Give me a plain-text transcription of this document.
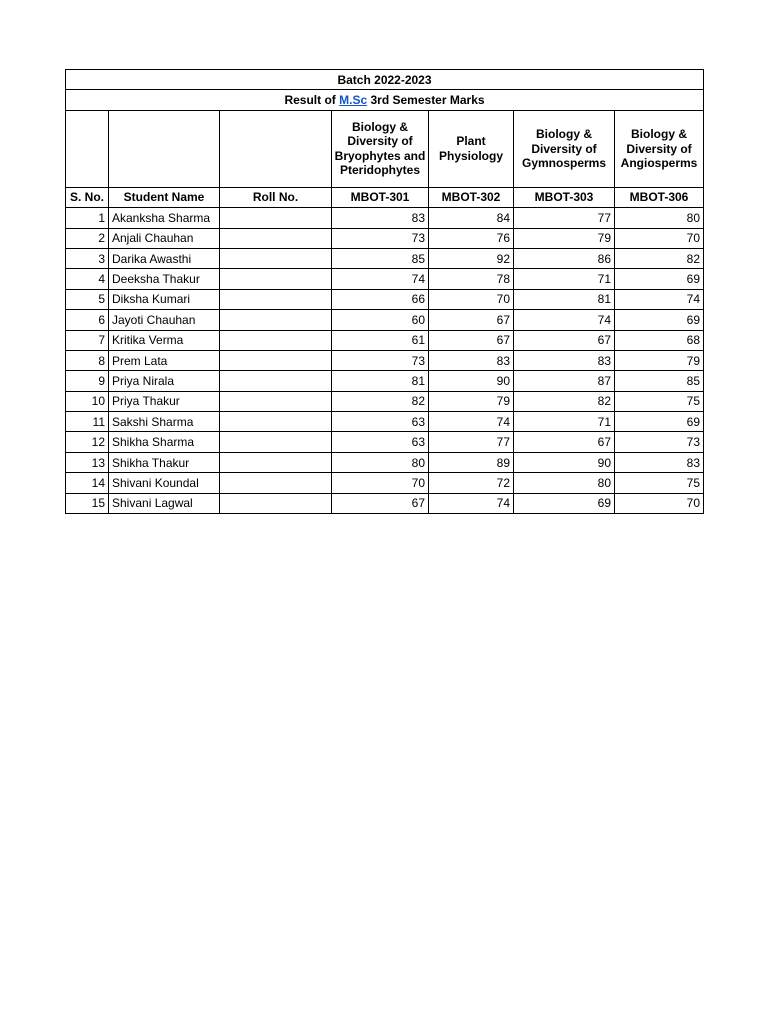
Batch 2022-2023						
Result of M.Sc 3rd Semester Marks						
			Biology & Diversity of Bryophytes and Pteridophytes	Plant Physiology	Biology & Diversity of Gymnosperms	Biology & Diversity of Angiosperms
S. No.	Student Name	Roll No.	MBOT-301	MBOT-302	MBOT-303	MBOT-306
1	Akanksha Sharma		83	84	77	80
2	Anjali Chauhan		73	76	79	70
3	Darika Awasthi		85	92	86	82
4	Deeksha Thakur		74	78	71	69
5	Diksha Kumari		66	70	81	74
6	Jayoti Chauhan		60	67	74	69
7	Kritika Verma		61	67	67	68
8	Prem Lata		73	83	83	79
9	Priya Nirala		81	90	87	85
10	Priya Thakur		82	79	82	75
11	Sakshi Sharma		63	74	71	69
12	Shikha Sharma		63	77	67	73
13	Shikha Thakur		80	89	90	83
14	Shivani Koundal		70	72	80	75
15	Shivani Lagwal		67	74	69	70
